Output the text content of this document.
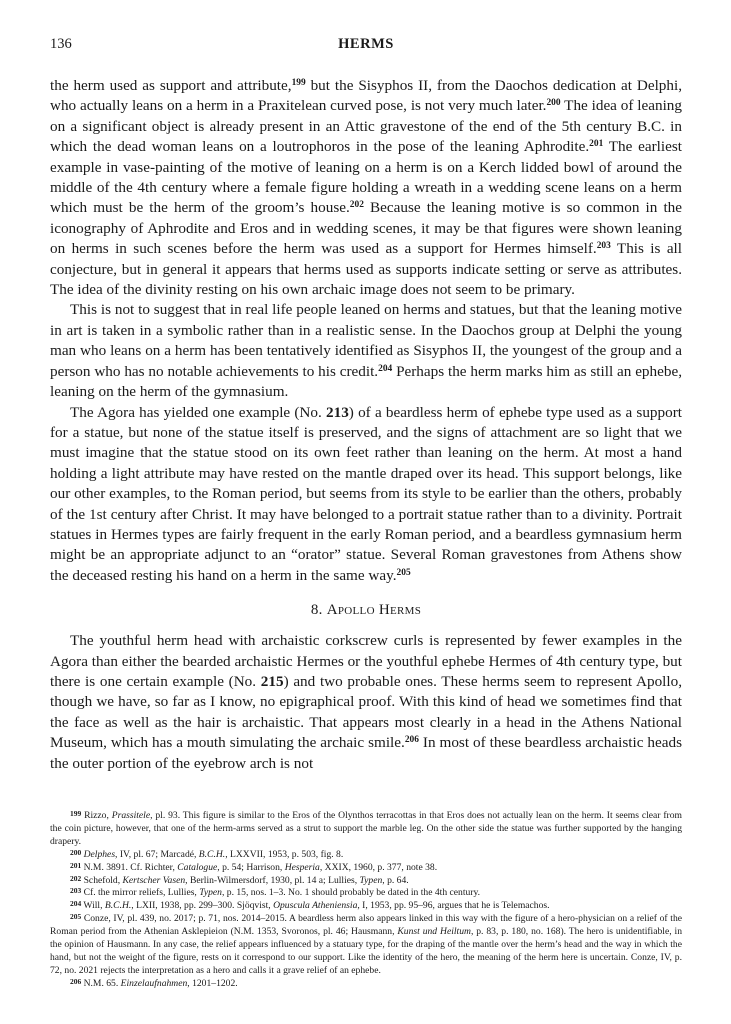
136	HERMS

the herm used as support and attribute,$^{199}$ but the Sisyphos II, from the Daochos dedication at Delphi, who actually leans on a herm in a Praxitelean curved pose, is not very much later.$^{200}$ The idea of leaning on a significant object is already present in an Attic gravestone of the end of the 5th century B.C. in which the dead woman leans on a loutrophoros in the pose of the leaning Aphrodite.$^{201}$ The earliest example in vase-painting of the motive of leaning on a herm is on a Kerch lidded bowl of around the middle of the 4th century where a female figure holding a wreath in a wedding scene leans on a herm which must be the herm of the groom’s house.$^{202}$ Because the leaning motive is so common in the iconography of Aphrodite and Eros and in wedding scenes, it may be that figures were shown leaning on herms in such scenes before the herm was used as a support for Hermes himself.$^{203}$ This is all conjecture, but in general it appears that herms used as supports indicate setting or serve as attributes. The idea of the divinity resting on his own archaic image does not seem to be primary.

This is not to suggest that in real life people leaned on herms and statues, but that the leaning motive in art is taken in a symbolic rather than in a realistic sense. In the Daochos group at Delphi the young man who leans on a herm has been tentatively identified as Sisyphos II, the youngest of the group and a person who has no notable achievements to his credit.$^{204}$ Perhaps the herm marks him as still an ephebe, leaning on the herm of the gymnasium.

The Agora has yielded one example (No. 213) of a beardless herm of ephebe type used as a support for a statue, but none of the statue itself is preserved, and the signs of attachment are so light that we must imagine that the statue stood on its own feet rather than leaning on the herm. At most a hand holding a light attribute may have rested on the mantle draped over its head. This support belongs, like our other examples, to the Roman period, but seems from its style to be earlier than the others, probably of the 1st century after Christ. It may have belonged to a portrait statue rather than to a divinity. Portrait statues in Hermes types are fairly frequent in the early Roman period, and a beardless gymnasium herm might be an appropriate adjunct to an “orator” statue. Several Roman gravestones from Athens show the deceased resting his hand on a herm in the same way.$^{205}$

8. Apollo Herms

The youthful herm head with archaistic corkscrew curls is represented by fewer examples in the Agora than either the bearded archaistic Hermes or the youthful ephebe Hermes of 4th century type, but there is one certain example (No. 215) and two probable ones. These herms seem to represent Apollo, though we have, so far as I know, no epigraphical proof. With this kind of head we sometimes find that the face as well as the hair is archaistic. That appears most clearly in a head in the Athens National Museum, which has a mouth simulating the archaic smile.$^{206}$ In most of these beardless archaistic heads the outer portion of the eyebrow arch is not

$^{199}$ Rizzo, Prassitele, pl. 93. This figure is similar to the Eros of the Olynthos terracottas in that Eros does not actually lean on the herm. It seems clear from the coin picture, however, that one of the herm-arms served as a strut to support the marble leg. On the other side the statue was further supported by the hanging drapery.

$^{200}$ Delphes, IV, pl. 67; Marcadé, B.C.H., LXXVII, 1953, p. 503, fig. 8.

$^{201}$ N.M. 3891. Cf. Richter, Catalogue, p. 54; Harrison, Hesperia, XXIX, 1960, p. 377, note 38.

$^{202}$ Schefold, Kertscher Vasen, Berlin-Wilmersdorf, 1930, pl. 14 a; Lullies, Typen, p. 64.

$^{203}$ Cf. the mirror reliefs, Lullies, Typen, p. 15, nos. 1–3. No. 1 should probably be dated in the 4th century.

$^{204}$ Will, B.C.H., LXII, 1938, pp. 299–300. Sjöqvist, Opuscula Atheniensia, I, 1953, pp. 95–96, argues that he is Telemachos.

$^{205}$ Conze, IV, pl. 439, no. 2017; p. 71, nos. 2014–2015. A beardless herm also appears linked in this way with the figure of a hero-physician on a relief of the Roman period from the Athenian Asklepieion (N.M. 1353, Svoronos, pl. 46; Hausmann, Kunst und Heiltum, p. 83, p. 180, no. 168). The hero is unidentifiable, in the opinion of Hausmann. In any case, the relief appears influenced by a statuary type, for the draping of the mantle over the herm’s head and the way in which the hand, but not the weight of the figure, rests on it correspond to our support. Like the identity of the hero, the meaning of the herm here is uncertain. Conze, IV, p. 72, no. 2021 rejects the interpretation as a hero and calls it a grave relief of an ephebe.

$^{206}$ N.M. 65. Einzelaufnahmen, 1201–1202.
